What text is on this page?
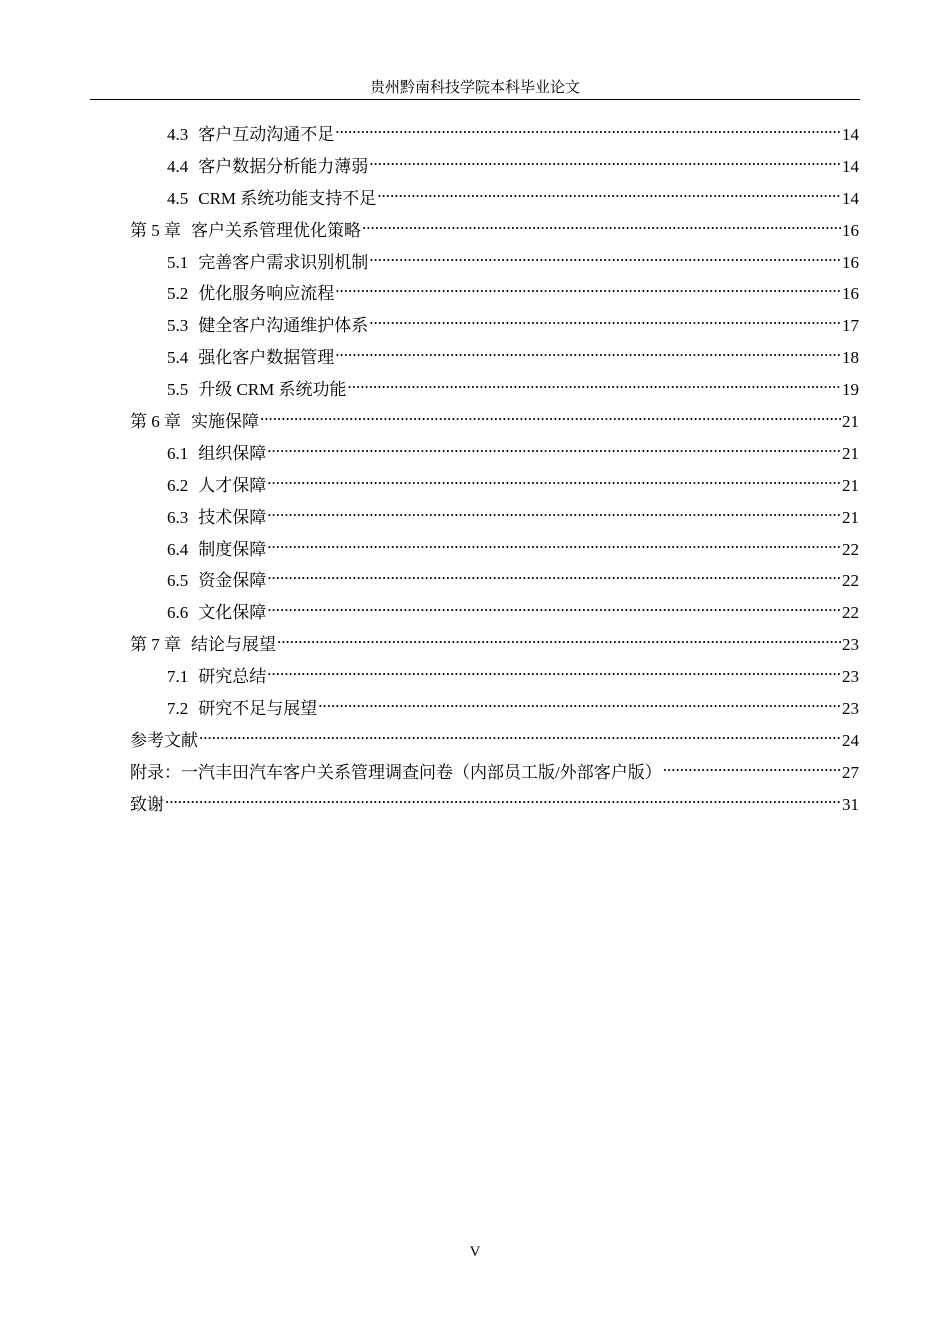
贵州黔南科技学院本科毕业论文
4.3 客户互动沟通不足 .....	14
4.4 客户数据分析能力薄弱 .....	14
4.5 CRM 系统功能支持不足 .....	14
第 5 章 客户关系管理优化策略 .....	16
5.1 完善客户需求识别机制 .....	16
5.2 优化服务响应流程 .....	16
5.3 健全客户沟通维护体系 .....	17
5.4 强化客户数据管理 .....	18
5.5 升级 CRM 系统功能 .....	19
第 6 章 实施保障 .....	21
6.1 组织保障 .....	21
6.2 人才保障 .....	21
6.3 技术保障 .....	21
6.4 制度保障 .....	22
6.5 资金保障 .....	22
6.6 文化保障 .....	22
第 7 章 结论与展望 .....	23
7.1 研究总结 .....	23
7.2 研究不足与展望 .....	23
参考文献 .....	24
附录：一汽丰田汽车客户关系管理调查问卷（内部员工版/外部客户版） .....	27
致谢 .....	31
V
